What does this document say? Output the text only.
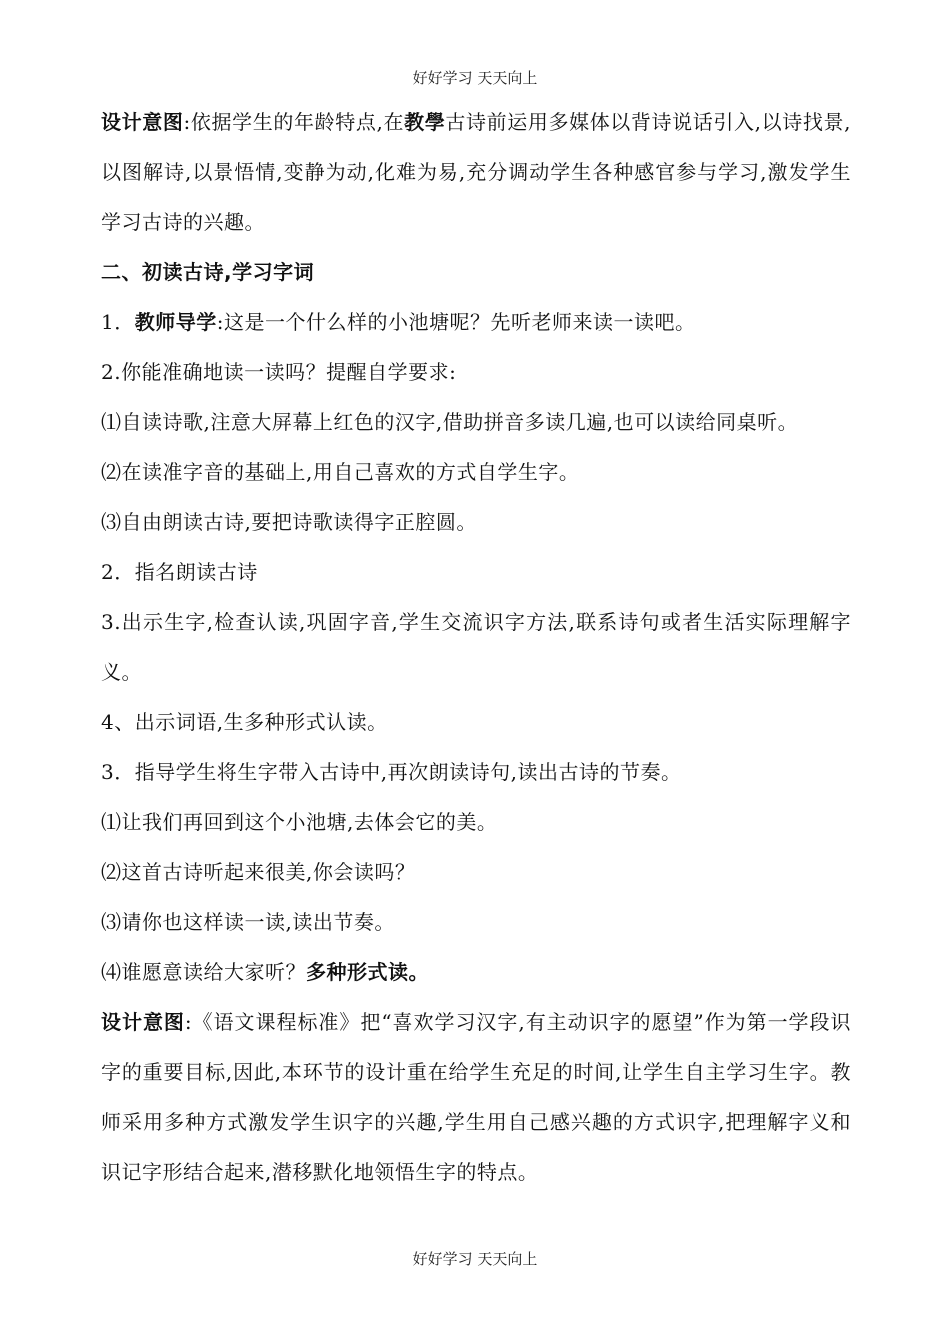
好好学习 天天向上

设计意图:依据学生的年龄特点,在教學古诗前运用多媒体以背诗说话引入,以诗找景,以图解诗,以景悟情,变静为动,化难为易,充分调动学生各种感官参与学习,激发学生学习古诗的兴趣。

二、初读古诗,学习字词

1．教师导学:这是一个什么样的小池塘呢？先听老师来读一读吧。

2.你能准确地读一读吗？提醒自学要求:

⑴自读诗歌,注意大屏幕上红色的汉字,借助拼音多读几遍,也可以读给同桌听。

⑵在读准字音的基础上,用自己喜欢的方式自学生字。

⑶自由朗读古诗,要把诗歌读得字正腔圆。

2．指名朗读古诗

3.出示生字,检查认读,巩固字音,学生交流识字方法,联系诗句或者生活实际理解字义。

4、出示词语,生多种形式认读。

3．指导学生将生字带入古诗中,再次朗读诗句,读出古诗的节奏。

⑴让我们再回到这个小池塘,去体会它的美。

⑵这首古诗听起来很美,你会读吗？

⑶请你也这样读一读,读出节奏。

⑷谁愿意读给大家听？多种形式读。

设计意图:《语文课程标准》把“喜欢学习汉字,有主动识字的愿望”作为第一学段识字的重要目标,因此,本环节的设计重在给学生充足的时间,让学生自主学习生字。教师采用多种方式激发学生识字的兴趣,学生用自己感兴趣的方式识字,把理解字义和识记字形结合起来,潜移默化地领悟生字的特点。

好好学习 天天向上
